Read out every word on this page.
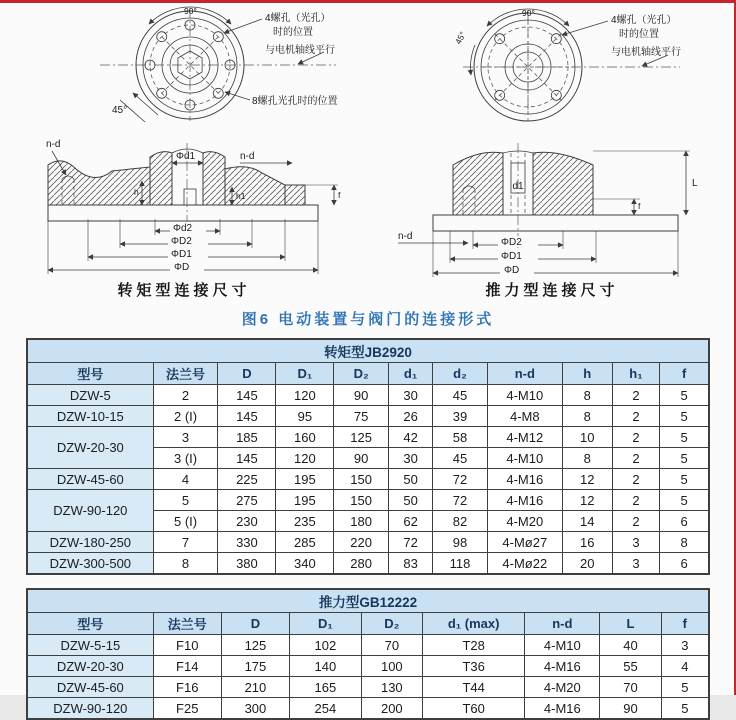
90°
45°
4螺孔（光孔）
时的位置
与电机轴线平行
8螺孔光孔时的位置
90°
45°
4螺孔（光孔）
时的位置
与电机轴线平行
n-d
Φd1	n-d
h	h1	f
Φd2
ΦD2
ΦD1
ΦD
d1
n-d
L
f
ΦD2
ΦD1
ΦD
转矩型连接尺寸	推力型连接尺寸
图6 电动装置与阀门的连接形式
转矩型JB2920										
型号	法兰号	D	D₁	D₂	d₁	d₂	n-d	h	h₁	f
DZW-5	2	145	120	90	30	45	4-M10	8	2	5
DZW-10-15	2 (I)	145	95	75	26	39	4-M8	8	2	5
DZW-20-30	3	185	160	125	42	58	4-M12	10	2	5
	3 (I)	145	120	90	30	45	4-M10	8	2	5
DZW-45-60	4	225	195	150	50	72	4-M16	12	2	5
DZW-90-120	5	275	195	150	50	72	4-M16	12	2	5
	5 (I)	230	235	180	62	82	4-M20	14	2	6
DZW-180-250	7	330	285	220	72	98	4-Mø27	16	3	8
DZW-300-500	8	380	340	280	83	118	4-Mø22	20	3	6
推力型GB12222								
型号	法兰号	D	D₁	D₂	d₁ (max)	n-d	L	f
DZW-5-15	F10	125	102	70	T28	4-M10	40	3
DZW-20-30	F14	175	140	100	T36	4-M16	55	4
DZW-45-60	F16	210	165	130	T44	4-M20	70	5
DZW-90-120	F25	300	254	200	T60	4-M16	90	5
